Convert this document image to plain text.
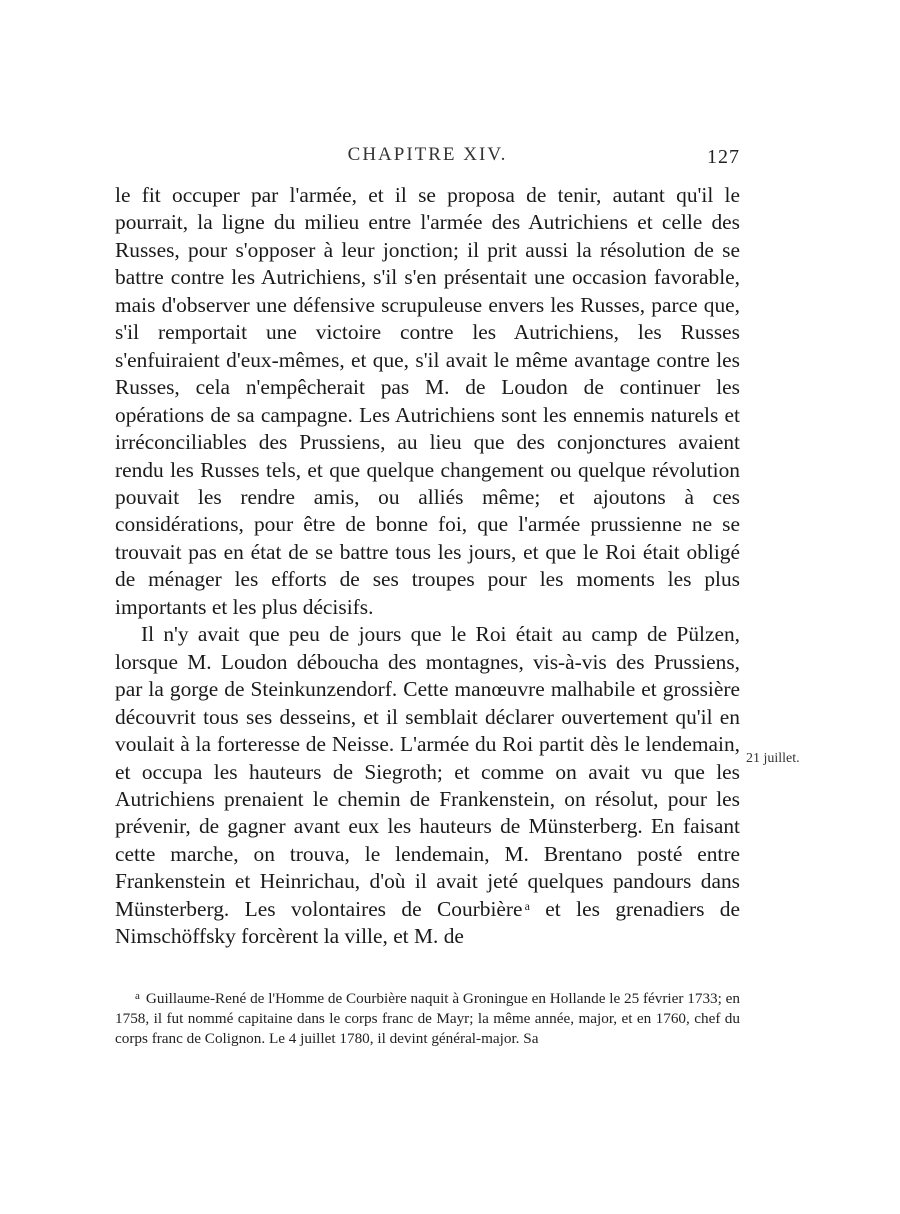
CHAPITRE XIV.	127

le fit occuper par l'armée, et il se proposa de tenir, autant qu'il le pourrait, la ligne du milieu entre l'armée des Autrichiens et celle des Russes, pour s'opposer à leur jonction; il prit aussi la résolution de se battre contre les Autrichiens, s'il s'en présentait une occasion favorable, mais d'observer une défensive scrupuleuse envers les Russes, parce que, s'il remportait une victoire contre les Autrichiens, les Russes s'enfuiraient d'eux-mêmes, et que, s'il avait le même avantage contre les Russes, cela n'empêcherait pas M. de Loudon de continuer les opérations de sa campagne. Les Autrichiens sont les ennemis naturels et irréconciliables des Prussiens, au lieu que des conjonctures avaient rendu les Russes tels, et que quelque changement ou quelque révolution pouvait les rendre amis, ou alliés même; et ajoutons à ces considérations, pour être de bonne foi, que l'armée prussienne ne se trouvait pas en état de se battre tous les jours, et que le Roi était obligé de ménager les efforts de ses troupes pour les moments les plus importants et les plus décisifs.

Il n'y avait que peu de jours que le Roi était au camp de Pülzen, lorsque M. Loudon déboucha des montagnes, vis-à-vis des Prussiens, par la gorge de Steinkunzendorf. Cette manœuvre malhabile et grossière découvrit tous ses desseins, et il semblait déclarer ouvertement qu'il en voulait à la forteresse de Neisse. L'armée du Roi partit dès le lendemain, et occupa les hauteurs de Siegroth; et comme on avait vu que les Autrichiens prenaient le chemin de Frankenstein, on résolut, pour les prévenir, de gagner avant eux les hauteurs de Münsterberg. En faisant cette marche, on trouva, le lendemain, M. Brentano posté entre Frankenstein et Heinrichau, d'où il avait jeté quelques pandours dans Münsterberg. Les volontaires de Courbière $^a$ et les grenadiers de Nimschöffsky forcèrent la ville, et M. de

21 juillet.
$^a$ Guillaume-René de l'Homme de Courbière naquit à Groningue en Hollande le 25 février 1733; en 1758, il fut nommé capitaine dans le corps franc de Mayr; la même année, major, et en 1760, chef du corps franc de Colignon. Le 4 juillet 1780, il devint général-major. Sa
